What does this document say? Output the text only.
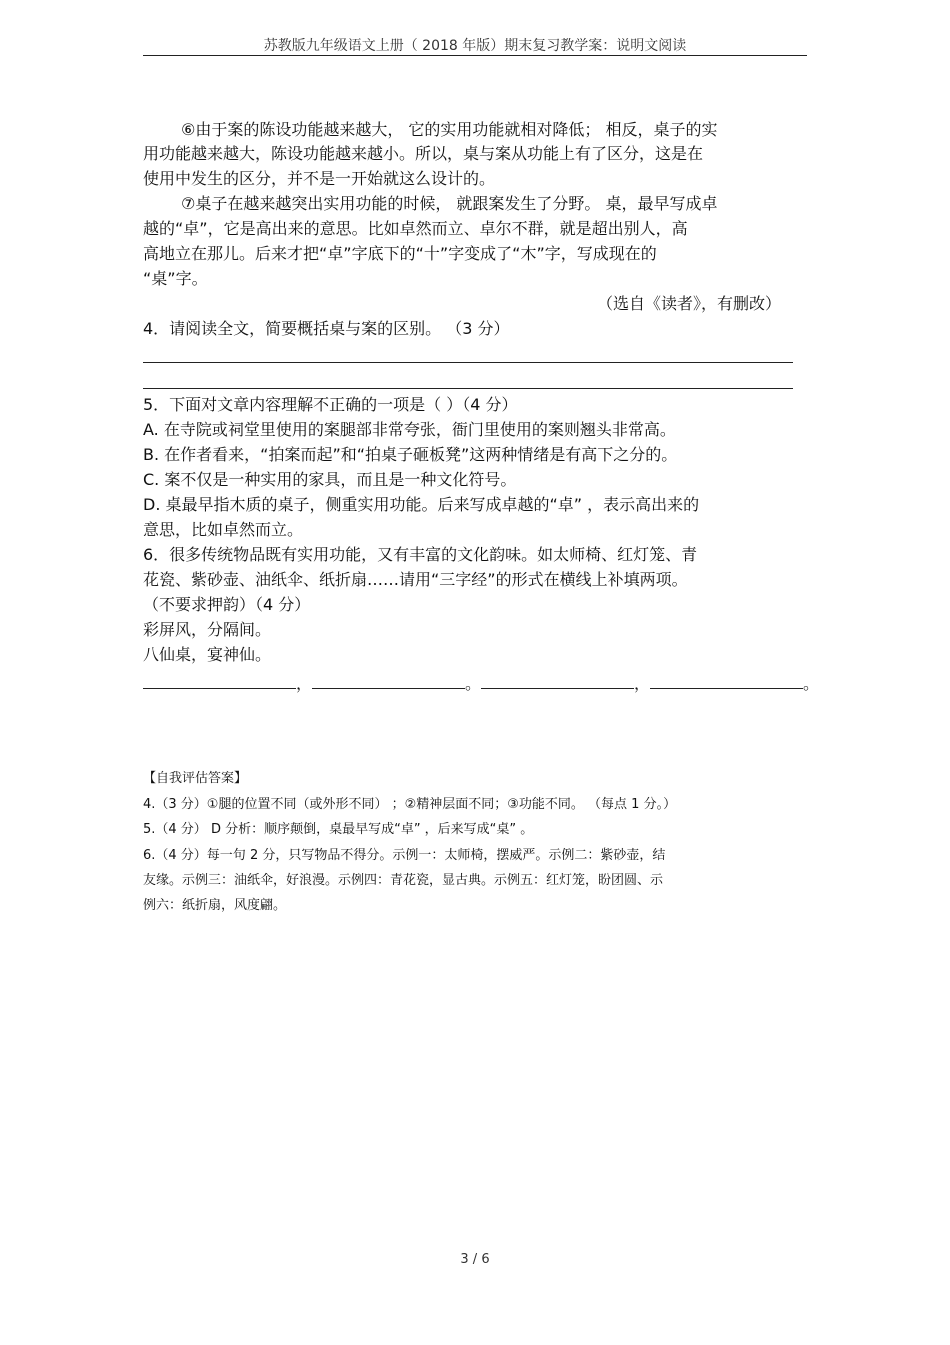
苏教版九年级语文上册（ 2018 年版）期末复习教学案：说明文阅读
⑥由于案的陈设功能越来越大， 它的实用功能就相对降低； 相反，桌子的实
用功能越来越大，陈设功能越来越小。所以，桌与案从功能上有了区分，这是在
使用中发生的区分，并不是一开始就这么设计的。
⑦桌子在越来越突出实用功能的时候， 就跟案发生了分野。 桌，最早写成卓
越的“卓”，它是高出来的意思。比如卓然而立、卓尔不群，就是超出别人，高
高地立在那儿。后来才把“卓”字底下的“十”字变成了“木”字，写成现在的
“桌”字。
（选自《读者》，有删改）
4．请阅读全文，简要概括桌与案的区别。 （3 分）
5．下面对文章内容理解不正确的一项是（ ）（4 分）
A. 在寺院或祠堂里使用的案腿部非常夸张，衙门里使用的案则翘头非常高。
B. 在作者看来，“拍案而起”和“拍桌子砸板凳”这两种情绪是有高下之分的。
C. 案不仅是一种实用的家具，而且是一种文化符号。
D. 桌最早指木质的桌子，侧重实用功能。后来写成卓越的“卓” ，表示高出来的
意思，比如卓然而立。
6．很多传统物品既有实用功能，又有丰富的文化韵味。如太师椅、红灯笼、青
花瓷、紫砂壶、油纸伞、纸折扇……请用“三字经”的形式在横线上补填两项。
（不要求押韵）（4 分）
彩屏风，分隔间。
八仙桌，宴神仙。
，	。	，	。
【自我评估答案】
4.（3 分）①腿的位置不同（或外形不同） ；②精神层面不同；③功能不同。 （每点 1 分。）
5.（4 分） D 分析：顺序颠倒，桌最早写成“卓” ，后来写成“桌” 。
6.（4 分）每一句 2 分，只写物品不得分。示例一：太师椅，摆威严。示例二：紫砂壶，结
友缘。示例三：油纸伞，好浪漫。示例四：青花瓷，显古典。示例五：红灯笼，盼团圆、示
例六：纸折扇，风度翩。
3 / 6
